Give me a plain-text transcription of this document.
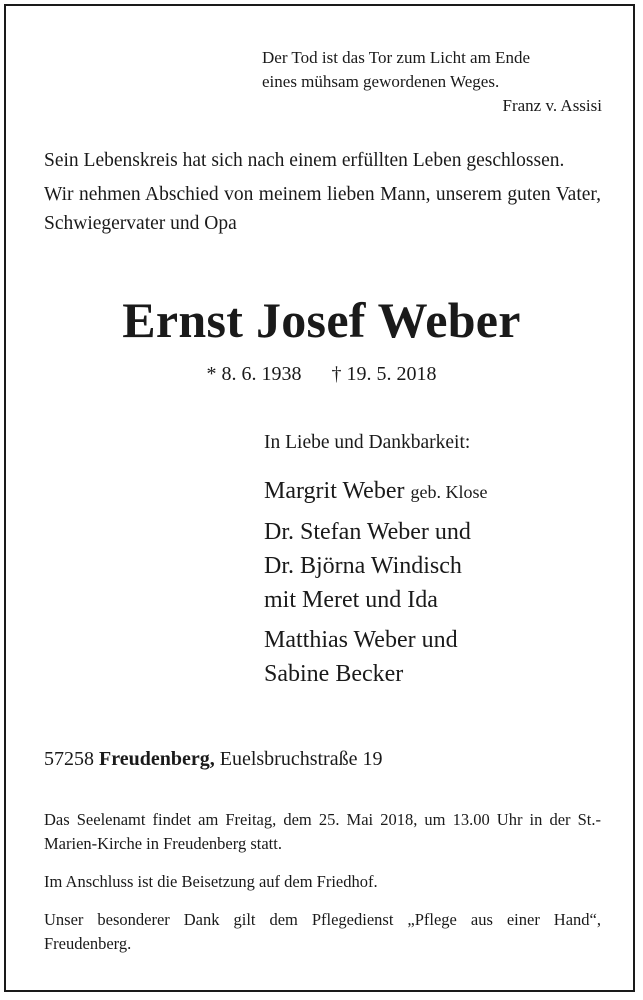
Der Tod ist das Tor zum Licht am Ende
eines mühsam gewordenen Weges.
Franz v. Assisi

Sein Lebenskreis hat sich nach einem erfüllten Leben geschlossen.

Wir nehmen Abschied von meinem lieben Mann, unserem guten Vater, Schwiegervater und Opa

Ernst Josef Weber
* 8. 6. 1938 † 19. 5. 2018
In Liebe und Dankbarkeit:
Margrit Weber geb. Klose
Dr. Stefan Weber und
Dr. Björna Windisch
mit Meret und Ida
Matthias Weber und
Sabine Becker
57258 Freudenberg, Euelsbruchstraße 19

Das Seelenamt findet am Freitag, dem 25. Mai 2018, um 13.00 Uhr in der St.-Marien-Kirche in Freudenberg statt.

Im Anschluss ist die Beisetzung auf dem Friedhof.

Unser besonderer Dank gilt dem Pflegedienst „Pflege aus einer Hand“, Freudenberg.
